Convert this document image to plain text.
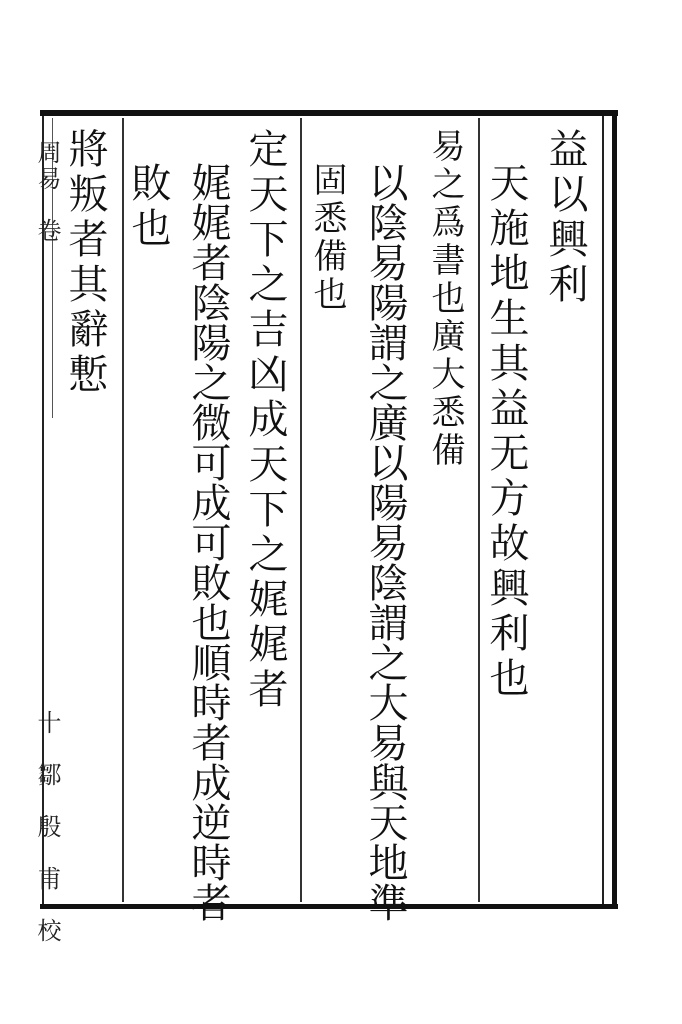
益以興利
天施地生其益无方故興利也
易之爲書也廣大悉備
以陰易陽謂之廣以陽易陰謂之大易與天地準
固悉備也
定天下之吉凶成天下之娓娓者
娓娓者陰陽之微可成可敗也順時者成逆時者
敗也
將叛者其辭慙
周易　卷
十　鄒　殷　甫　校
